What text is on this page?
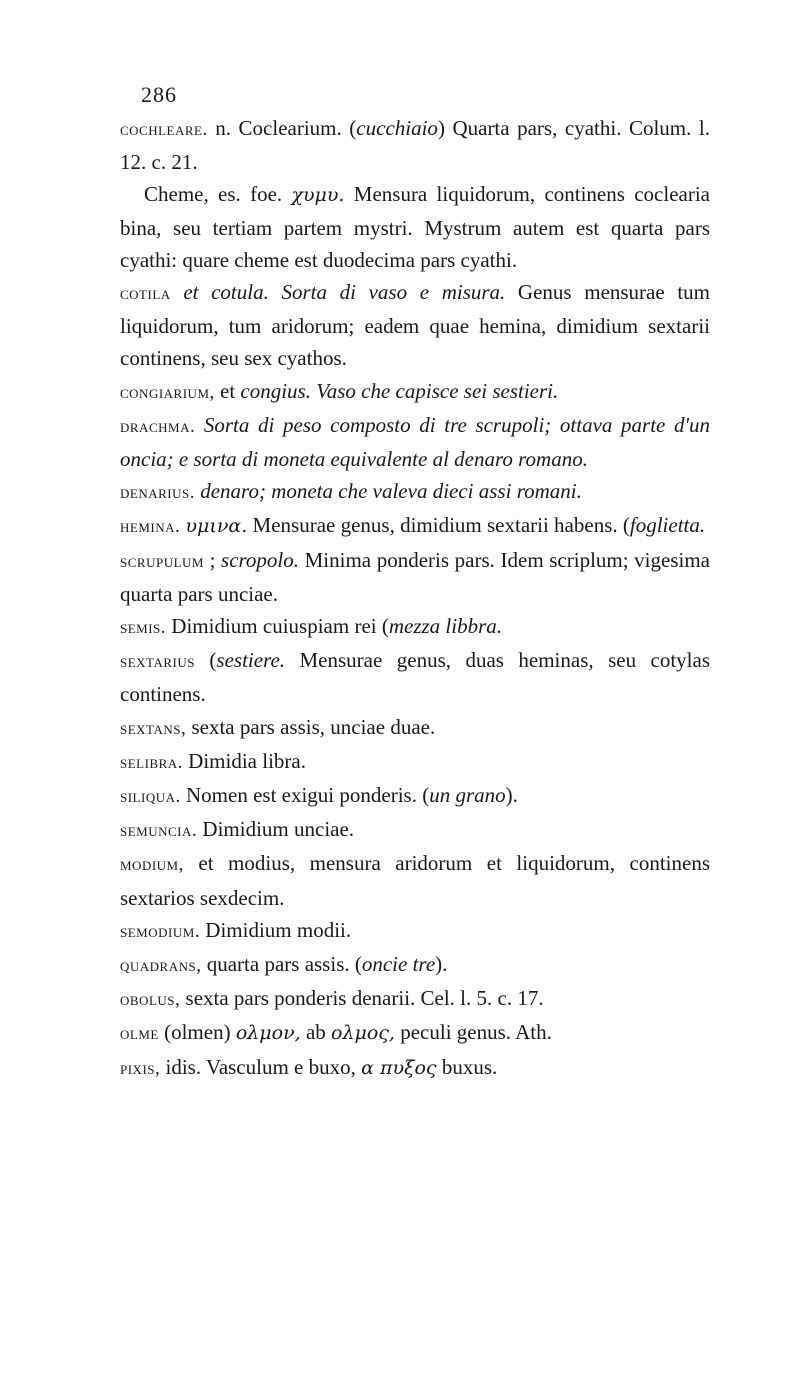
286

cochleare. n. Coclearium. (cucchiaio) Quarta pars, cyathi. Colum. l. 12. c. 21.

Cheme, es. foe. χυμυ. Mensura liquidorum, continens coclearia bina, seu tertiam partem mystri. Mystrum autem est quarta pars cyathi: quare cheme est duodecima pars cyathi.

cotila et cotula. Sorta di vaso e misura. Genus mensurae tum liquidorum, tum aridorum; eadem quae hemina, dimidium sextarii continens, seu sex cyathos.

congiarium, et congius. Vaso che capisce sei sestieri.

drachma. Sorta di peso composto di tre scrupoli; ottava parte d'un oncia; e sorta di moneta equivalente al denaro romano.

denarius. denaro; moneta che valeva dieci assi romani.

hemina. υμινα. Mensurae genus, dimidium sextarii habens. (foglietta.

scrupulum ; scropolo. Minima ponderis pars. Idem scriplum; vigesima quarta pars unciae.

semis. Dimidium cuiuspiam rei (mezza libbra.

sextarius (sestiere. Mensurae genus, duas heminas, seu cotylas continens.

sextans, sexta pars assis, unciae duae.

selibra. Dimidia libra.

siliqua. Nomen est exigui ponderis. (un grano).

semuncia. Dimidium unciae.

modium, et modius, mensura aridorum et liquidorum, continens sextarios sexdecim.

semodium. Dimidium modii.

quadrans, quarta pars assis. (oncie tre).

obolus, sexta pars ponderis denarii. Cel. l. 5. c. 17.

olme (olmen) ολμον, ab ολμος, peculi genus. Ath.

pixis, idis. Vasculum e buxo, α πυξος buxus.
